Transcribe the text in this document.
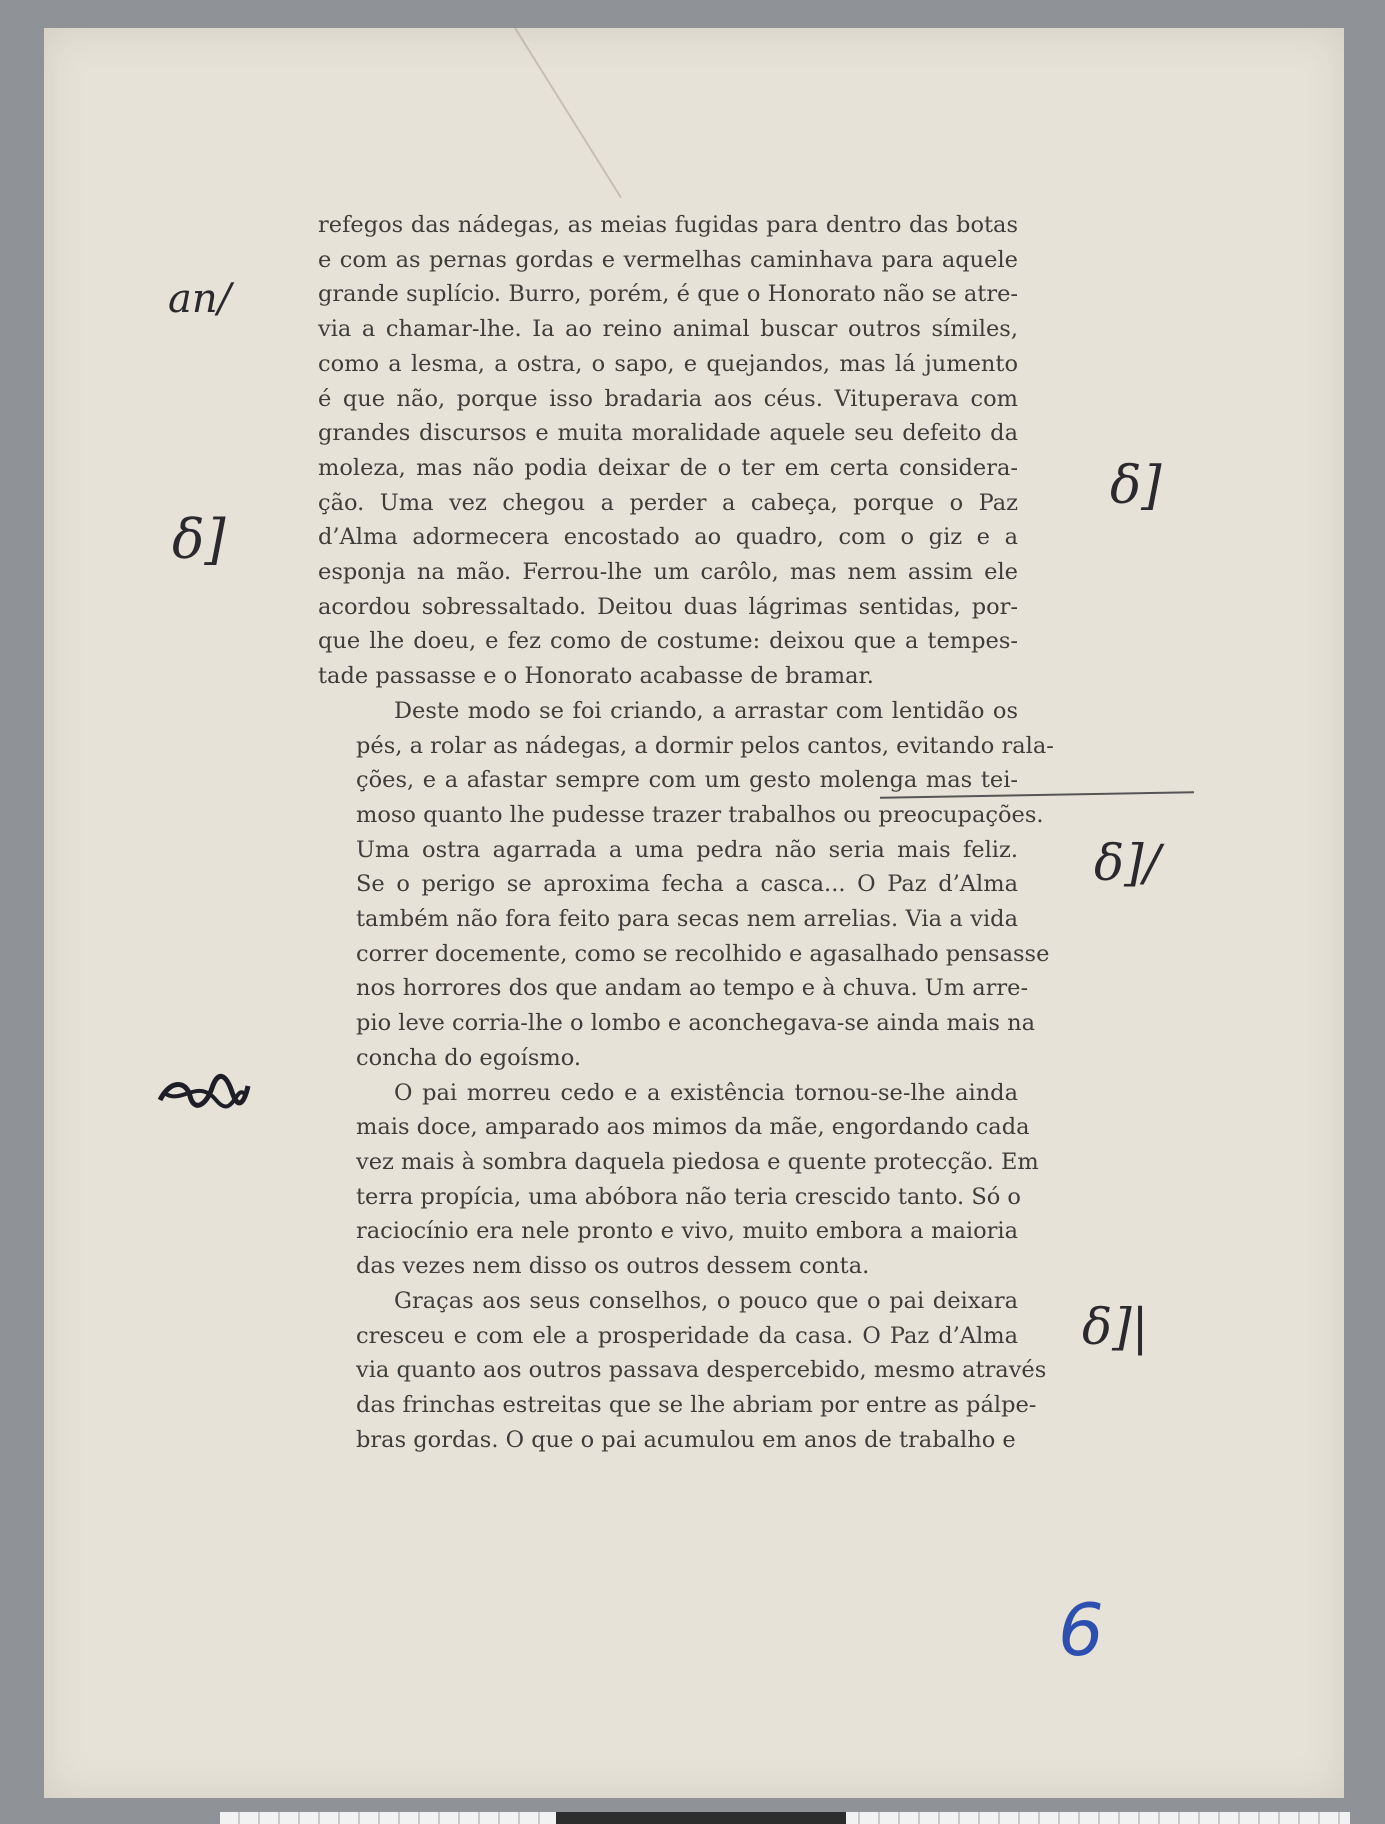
refegos das nádegas, as meias fugidas para dentro das botas
e com as pernas gordas e vermelhas caminhava para aquele
grande suplício. Burro, porém, é que o Honorato não se atre-
via a chamar-lhe. Ia ao reino animal buscar outros símiles,
como a lesma, a ostra, o sapo, e quejandos, mas lá jumento
é que não, porque isso bradaria aos céus. Vituperava com
grandes discursos e muita moralidade aquele seu defeito da
moleza, mas não podia deixar de o ter em certa considera-
ção. Uma vez chegou a perder a cabeça, porque o Paz
d’Alma adormecera encostado ao quadro, com o giz e a
esponja na mão. Ferrou-lhe um carôlo, mas nem assim ele
acordou sobressaltado. Deitou duas lágrimas sentidas, por-
que lhe doeu, e fez como de costume: deixou que a tempes-
tade passasse e o Honorato acabasse de bramar.
Deste modo se foi criando, a arrastar com lentidão os
pés, a rolar as nádegas, a dormir pelos cantos, evitando rala-
ções, e a afastar sempre com um gesto molenga mas tei-
moso quanto lhe pudesse trazer trabalhos ou preocupações.
Uma ostra agarrada a uma pedra não seria mais feliz.
Se o perigo se aproxima fecha a casca... O Paz d’Alma
também não fora feito para secas nem arrelias. Via a vida
correr docemente, como se recolhido e agasalhado pensasse
nos horrores dos que andam ao tempo e à chuva. Um arre-
pio leve corria-lhe o lombo e aconchegava-se ainda mais na
concha do egoísmo.
O pai morreu cedo e a existência tornou-se-lhe ainda
mais doce, amparado aos mimos da mãe, engordando cada
vez mais à sombra daquela piedosa e quente protecção. Em
terra propícia, uma abóbora não teria crescido tanto. Só o
raciocínio era nele pronto e vivo, muito embora a maioria
das vezes nem disso os outros dessem conta.
Graças aos seus conselhos, o pouco que o pai deixara
cresceu e com ele a prosperidade da casa. O Paz d’Alma
via quanto aos outros passava despercebido, mesmo através
das frinchas estreitas que se lhe abriam por entre as pálpe-
bras gordas. O que o pai acumulou em anos de trabalho e
an/
δ]
δ]
δ]/
δ]|
6
